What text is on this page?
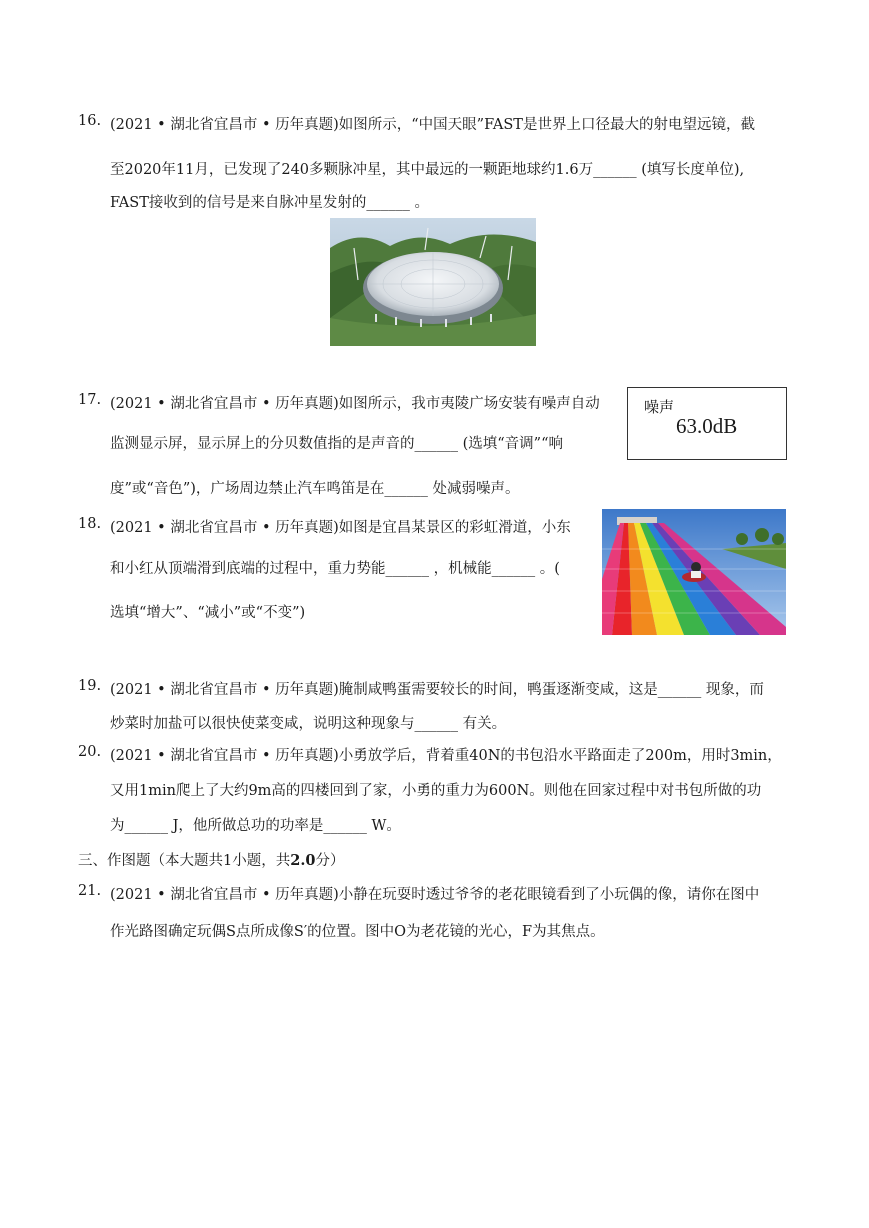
16. (2021 • 湖北省宜昌市 • 历年真题)如图所示，“中国天眼”FAST是世界上口径最大的射电望远镜，截
至2020年11月，已发现了240多颗脉冲星，其中最远的一颗距地球约1.6万______ (填写长度单位),
FAST接收到的信号是来自脉冲星发射的______ 。
17. (2021 • 湖北省宜昌市 • 历年真题)如图所示，我市夷陵广场安装有噪声自动
监测显示屏，显示屏上的分贝数值指的是声音的______ (选填“音调”“响
度”或“音色”)，广场周边禁止汽车鸣笛是在______ 处减弱噪声。
噪声
63.0dB
18. (2021 • 湖北省宜昌市 • 历年真题)如图是宜昌某景区的彩虹滑道，小东
和小红从顶端滑到底端的过程中，重力势能______ ，机械能______ 。(
选填“增大”、“减小”或“不变”)
19. (2021 • 湖北省宜昌市 • 历年真题)腌制咸鸭蛋需要较长的时间，鸭蛋逐渐变咸，这是______ 现象，而
炒菜时加盐可以很快使菜变咸，说明这种现象与______ 有关。
20. (2021 • 湖北省宜昌市 • 历年真题)小勇放学后，背着重40N的书包沿水平路面走了200m，用时3min，
又用1min爬上了大约9m高的四楼回到了家，小勇的重力为600N。则他在回家过程中对书包所做的功
为______ J，他所做总功的功率是______ W。
三、作图题（本大题共1小题，共2.0分）
21. (2021 • 湖北省宜昌市 • 历年真题)小静在玩耍时透过爷爷的老花眼镜看到了小玩偶的像，请你在图中
作光路图确定玩偶S点所成像S′的位置。图中O为老花镜的光心，F为其焦点。
